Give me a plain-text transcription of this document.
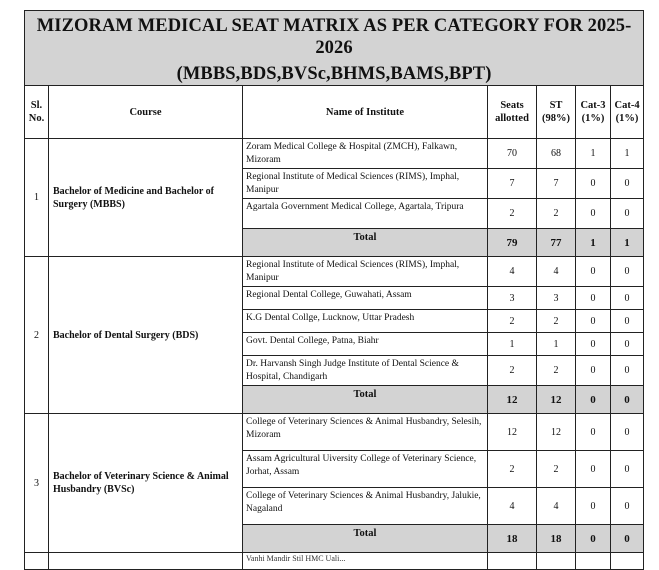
MIZORAM MEDICAL SEAT MATRIX AS PER CATEGORY FOR 2025-2026
(MBBS,BDS,BVSc,BHMS,BAMS,BPT)						

Sl. No.	Course	Name of Institute	Seats allotted	ST (98%)	Cat-3 (1%)	Cat-4 (1%)
1	Bachelor of Medicine and Bachelor of Surgery (MBBS)	Zoram Medical College & Hospital (ZMCH), Falkawn, Mizoram	70	68	1	1
		Regional Institute of Medical Sciences (RIMS), Imphal, Manipur	7	7	0	0
		Agartala Government Medical College, Agartala, Tripura	2	2	0	0
		Total	79	77	1	1
2	Bachelor of Dental Surgery (BDS)	Regional Institute of Medical Sciences (RIMS), Imphal, Manipur	4	4	0	0
		Regional Dental College, Guwahati, Assam	3	3	0	0
		K.G Dental Collge, Lucknow, Uttar Pradesh	2	2	0	0
		Govt. Dental College, Patna, Biahr	1	1	0	0
		Dr. Harvansh Singh Judge Institute of Dental Science & Hospital, Chandigarh	2	2	0	0
		Total	12	12	0	0
3	Bachelor of Veterinary Science & Animal Husbandry (BVSc)	College of Veterinary Sciences & Animal Husbandry, Selesih, Mizoram	12	12	0	0
		Assam Agricultural Uiversity College of Veterinary Science, Jorhat, Assam	2	2	0	0
		College of Veterinary Sciences & Animal Husbandry, Jalukie, Nagaland	4	4	0	0
		Total	18	18	0	0
		Vanhi Mandir Stil HMC Uali...				
